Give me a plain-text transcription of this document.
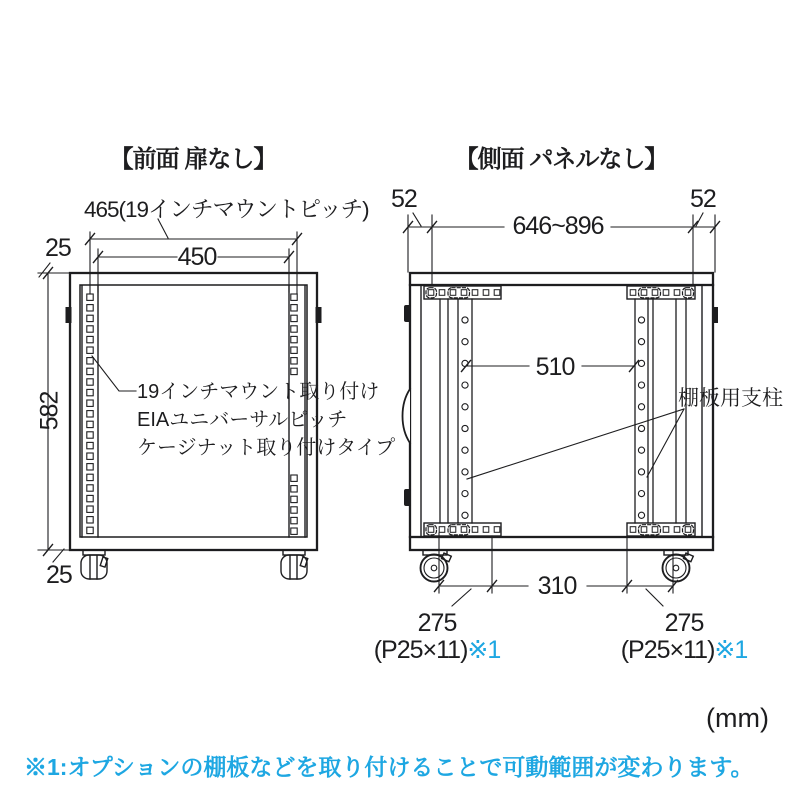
【前面 扉なし】	【側面 パネルなし】
465(19インチマウントピッチ)
25	450
582
25
19インチマウント取り付け
EIAユニバーサルピッチ
ケージナット取り付けタイプ
52	52
646~896
510
棚板用支柱
310
275
(P25×11)※1
275
(P25×11)※1
(mm)
※1:オプションの棚板などを取り付けることで可動範囲が変わります。
